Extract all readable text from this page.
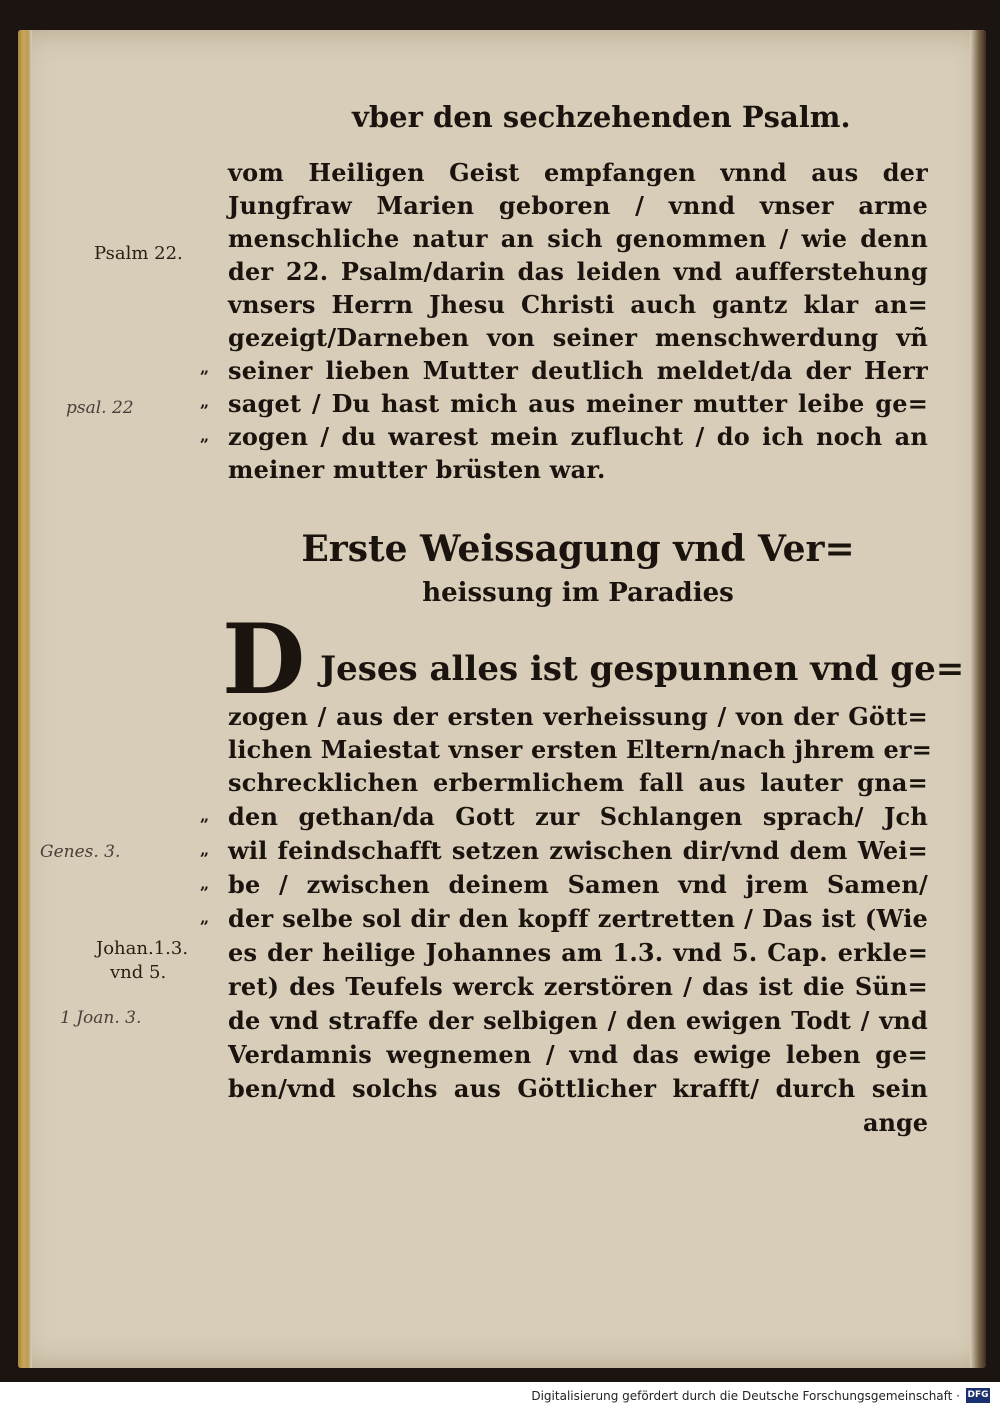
vber den sechzehenden Psalm.
vom Heiligen Geist empfangen vnnd aus der
Jungfraw Marien geboren / vnnd vnser arme
menschliche natur an sich genommen / wie denn
der 22. Psalm/darin das leiden vnd aufferstehung
vnsers Herrn Jhesu Christi auch gantz klar an=
gezeigt/Darneben von seiner menschwerdung vñ
seiner lieben Mutter deutlich meldet/da der Herr
saget / Du hast mich aus meiner mutter leibe ge=
zogen / du warest mein zuflucht / do ich noch an
meiner mutter brüsten war.
Erste Weissagung vnd Ver=
heissung im Paradies
D Jeses alles ist gespunnen vnd ge=
zogen / aus der ersten verheissung / von der Gött=
lichen Maiestat vnser ersten Eltern/nach jhrem er=
schrecklichen erbermlichem fall aus lauter gna=
den gethan/da Gott zur Schlangen sprach/ Jch
wil feindschafft setzen zwischen dir/vnd dem Wei=
be / zwischen deinem Samen vnd jrem Samen/
der selbe sol dir den kopff zertretten / Das ist (Wie
es der heilige Johannes am 1.3. vnd 5. Cap. erkle=
ret) des Teufels werck zerstören / das ist die Sün=
de vnd straffe der selbigen / den ewigen Todt / vnd
Verdamnis wegnemen / vnd das ewige leben ge=
ben/vnd solchs aus Göttlicher krafft/ durch sein
ange
Psalm 22.
Johan.1.3.
vnd 5.
psal. 22
Genes. 3.
1 Joan. 3.
„
„
„
„
„
„
„
Digitalisierung gefördert durch die Deutsche Forschungsgemeinschaft · DFG
